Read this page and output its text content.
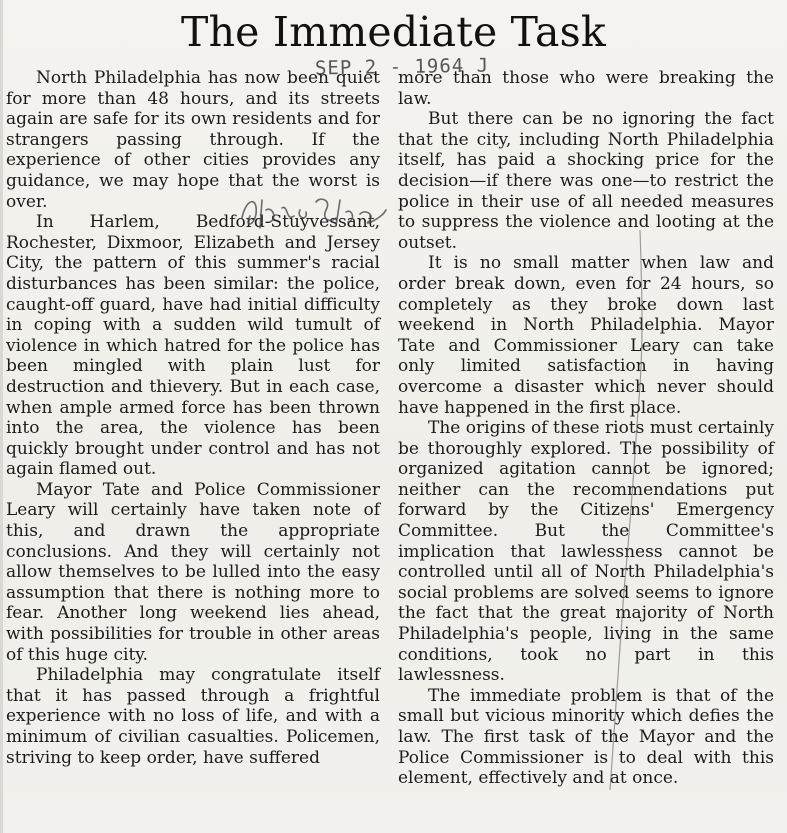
The Immediate Task
SEP 2 - 1964 J

North Philadelphia has now been quiet for more than 48 hours, and its streets again are safe for its own residents and for strangers passing through. If the experience of other cities provides any guidance, we may hope that the worst is over.

In Harlem, Bedford-Stuyvessant, Rochester, Dixmoor, Elizabeth and Jersey City, the pattern of this summer's racial disturbances has been similar: the police, caught-off guard, have had initial difficulty in coping with a sudden wild tumult of violence in which hatred for the police has been mingled with plain lust for destruction and thievery. But in each case, when ample armed force has been thrown into the area, the violence has been quickly brought under control and has not again flamed out.

Mayor Tate and Police Commissioner Leary will certainly have taken note of this, and drawn the appropriate conclusions. And they will certainly not allow themselves to be lulled into the easy assumption that there is nothing more to fear. Another long weekend lies ahead, with possibilities for trouble in other areas of this huge city.

Philadelphia may congratulate itself that it has passed through a frightful experience with no loss of life, and with a minimum of civilian casualties. Policemen, striving to keep order, have suffered

more than those who were breaking the law.

But there can be no ignoring the fact that the city, including North Philadelphia itself, has paid a shocking price for the decision—if there was one—to restrict the police in their use of all needed measures to suppress the violence and looting at the outset.

It is no small matter when law and order break down, even for 24 hours, so completely as they broke down last weekend in North Philadelphia. Mayor Tate and Commissioner Leary can take only limited satisfaction in having overcome a disaster which never should have happened in the first place.

The origins of these riots must certainly be thoroughly explored. The possibility of organized agitation cannot be ignored; neither can the recommendations put forward by the Citizens' Emergency Committee. But the Committee's implication that lawlessness cannot be controlled until all of North Philadelphia's social problems are solved seems to ignore the fact that the great majority of North Philadelphia's people, living in the same conditions, took no part in this lawlessness.

The immediate problem is that of the small but vicious minority which defies the law. The first task of the Mayor and the Police Commissioner is to deal with this element, effectively and at once.
